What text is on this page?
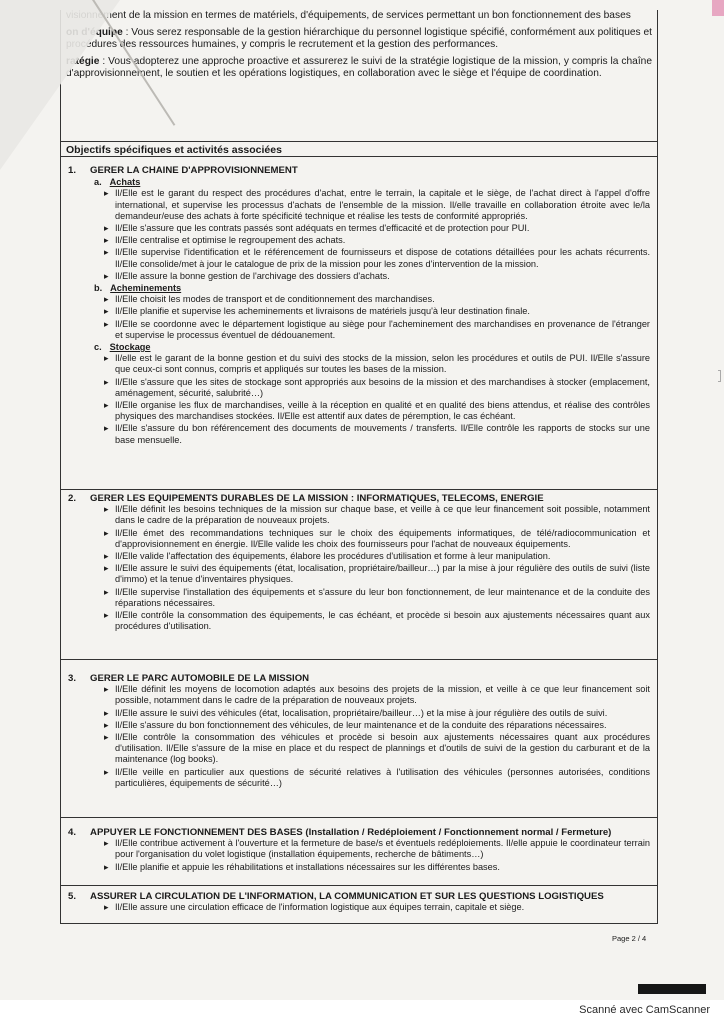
visionnement de la mission en termes de matériels, d'équipements, de services permettant un bon fonctionnement des bases

on d'équipe : Vous serez responsable de la gestion hiérarchique du personnel logistique spécifié, conformément aux politiques et procédures des ressources humaines, y compris le recrutement et la gestion des performances.

ratégie : Vous adopterez une approche proactive et assurerez le suivi de la stratégie logistique de la mission, y compris la chaîne d'approvisionnement, le soutien et les opérations logistiques, en collaboration avec le siège et l'équipe de coordination.

Objectifs spécifiques et activités associées
1. GERER LA CHAINE D'APPROVISIONNEMENT
a. Achats
▸ Il/Elle est le garant du respect des procédures d'achat, entre le terrain, la capitale et le siège, de l'achat direct à l'appel d'offre international, et supervise les processus d'achats de l'ensemble de la mission. Il/elle travaille en collaboration étroite avec le/la demandeur/euse des achats à forte spécificité technique et réalise les tests de conformité appropriés.
▸ Il/Elle s'assure que les contrats passés sont adéquats en termes d'efficacité et de protection pour PUI.
▸ Il/Elle centralise et optimise le regroupement des achats.
▸ Il/Elle supervise l'identification et le référencement de fournisseurs et dispose de cotations détaillées pour les achats récurrents. Il/Elle consolide/met à jour le catalogue de prix de la mission pour les zones d'intervention de la mission.
▸ Il/Elle assure la bonne gestion de l'archivage des dossiers d'achats.
b. Acheminements
▸ Il/Elle choisit les modes de transport et de conditionnement des marchandises.
▸ Il/Elle planifie et supervise les acheminements et livraisons de matériels jusqu'à leur destination finale.
▸ Il/Elle se coordonne avec le département logistique au siège pour l'acheminement des marchandises en provenance de l'étranger et supervise le processus éventuel de dédouanement.
c. Stockage
▸ Il/elle est le garant de la bonne gestion et du suivi des stocks de la mission, selon les procédures et outils de PUI. Il/Elle s'assure que ceux-ci sont connus, compris et appliqués sur toutes les bases de la mission.
▸ Il/Elle s'assure que les sites de stockage sont appropriés aux besoins de la mission et des marchandises à stocker (emplacement, aménagement, sécurité, salubrité…)
▸ Il/Elle organise les flux de marchandises, veille à la réception en qualité et en qualité des biens attendus, et réalise des contrôles physiques des marchandises stockées. Il/Elle est attentif aux dates de péremption, le cas échéant.
▸ Il/Elle s'assure du bon référencement des documents de mouvements / transferts. Il/Elle contrôle les rapports de stocks sur une base mensuelle.
2. GERER LES EQUIPEMENTS DURABLES DE LA MISSION : INFORMATIQUES, TELECOMS, ENERGIE
▸ Il/Elle définit les besoins techniques de la mission sur chaque base, et veille à ce que leur financement soit possible, notamment dans le cadre de la préparation de nouveaux projets.
▸ Il/Elle émet des recommandations techniques sur le choix des équipements informatiques, de télé/radiocommunication et d'approvisionnement en énergie. Il/Elle valide les choix des fournisseurs pour l'achat de nouveaux équipements.
▸ Il/Elle valide l'affectation des équipements, élabore les procédures d'utilisation et forme à leur manipulation.
▸ Il/Elle assure le suivi des équipements (état, localisation, propriétaire/bailleur…) par la mise à jour régulière des outils de suivi (liste d'immo) et la tenue d'inventaires physiques.
▸ Il/Elle supervise l'installation des équipements et s'assure du leur bon fonctionnement, de leur maintenance et de la conduite des réparations nécessaires.
▸ Il/Elle contrôle la consommation des équipements, le cas échéant, et procède si besoin aux ajustements nécessaires quant aux procédures d'utilisation.
3. GERER LE PARC AUTOMOBILE DE LA MISSION
▸ Il/Elle définit les moyens de locomotion adaptés aux besoins des projets de la mission, et veille à ce que leur financement soit possible, notamment dans le cadre de la préparation de nouveaux projets.
▸ Il/Elle assure le suivi des véhicules (état, localisation, propriétaire/bailleur…) et la mise à jour régulière des outils de suivi.
▸ Il/Elle s'assure du bon fonctionnement des véhicules, de leur maintenance et de la conduite des réparations nécessaires.
▸ Il/Elle contrôle la consommation des véhicules et procède si besoin aux ajustements nécessaires quant aux procédures d'utilisation. Il/Elle s'assure de la mise en place et du respect de plannings et d'outils de suivi de la gestion du carburant et de la maintenance (log books).
▸ Il/Elle veille en particulier aux questions de sécurité relatives à l'utilisation des véhicules (personnes autorisées, conditions particulières, équipements de sécurité…)
4. APPUYER LE FONCTIONNEMENT DES BASES (Installation / Redéploiement / Fonctionnement normal / Fermeture)
▸ Il/Elle contribue activement à l'ouverture et la fermeture de base/s et éventuels redéploiements. Il/elle appuie le coordinateur terrain pour l'organisation du volet logistique (installation équipements, recherche de bâtiments…)
▸ Il/Elle planifie et appuie les réhabilitations et installations nécessaires sur les différentes bases.
5. ASSURER LA CIRCULATION DE L'INFORMATION, LA COMMUNICATION ET SUR LES QUESTIONS LOGISTIQUES
▸ Il/Elle assure une circulation efficace de l'information logistique aux équipes terrain, capitale et siège.
Page 2 / 4
Scanné avec CamScanner
